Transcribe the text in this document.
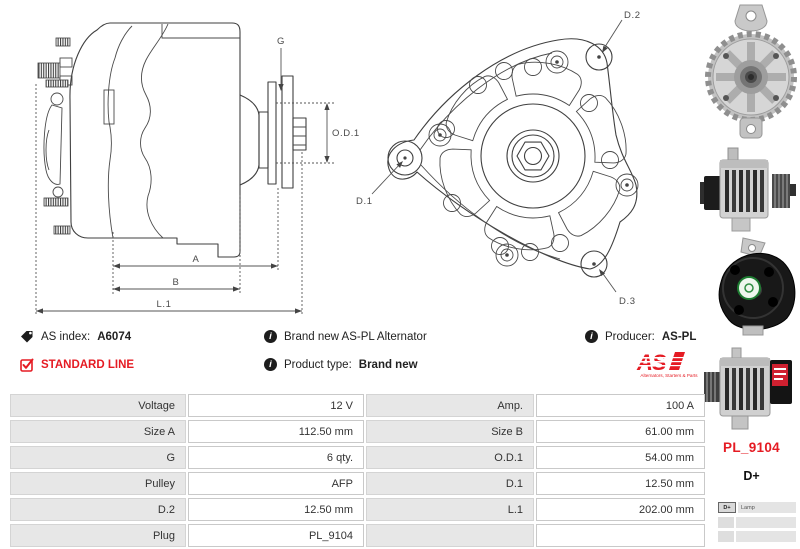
G
O.D.1
A
B
L.1
D.2
D.1
D.3
AS index: A6074
STANDARD LINE
i	Brand new AS-PL Alternator
i	Product type: Brand new
i	Producer: AS-PL
Alternators, Starters & Parts
Voltage	12 V	Amp.	100 A
Size A	112.50 mm	Size B	61.00 mm
G	6 qty.	O.D.1	54.00 mm
Pulley	AFP	D.1	12.50 mm
D.2	12.50 mm	L.1	202.00 mm
Plug	PL_9104		
PL_9104
D+
D+	Lamp
